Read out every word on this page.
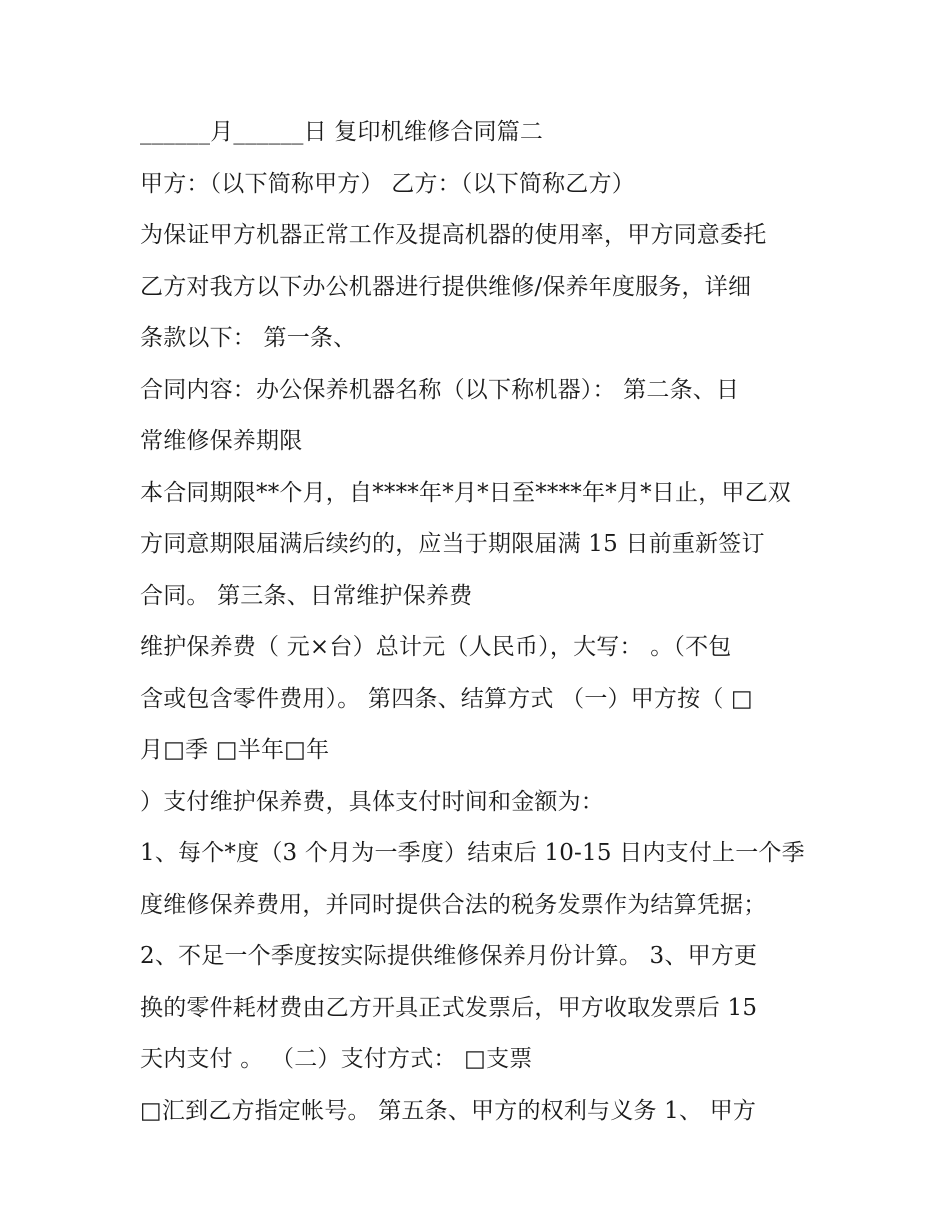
______月______日 复印机维修合同篇二
甲方：（以下简称甲方） 乙方：（以下简称乙方）
为保证甲方机器正常工作及提高机器的使用率，甲方同意委托
乙方对我方以下办公机器进行提供维修/保养年度服务，详细
条款以下： 第一条、
合同内容：办公保养机器名称（以下称机器）： 第二条、日
常维修保养期限
本合同期限**个月，自****年*月*日至****年*月*日止，甲乙双
方同意期限届满后续约的，应当于期限届满 15 日前重新签订
合同。 第三条、日常维护保养费
维护保养费（ 元×台）总计元（人民币），大写： 。（不包
含或包含零件费用）。 第四条、结算方式 （一）甲方按（ □
月□季 □半年□年
）支付维护保养费，具体支付时间和金额为：
1、每个*度（3 个月为一季度）结束后 10-15 日内支付上一个季
度维修保养费用，并同时提供合法的税务发票作为结算凭据；
2、不足一个季度按实际提供维修保养月份计算。 3、甲方更
换的零件耗材费由乙方开具正式发票后，甲方收取发票后 15
天内支付 。 （二）支付方式： □支票
□汇到乙方指定帐号。 第五条、甲方的权利与义务 1、 甲方
